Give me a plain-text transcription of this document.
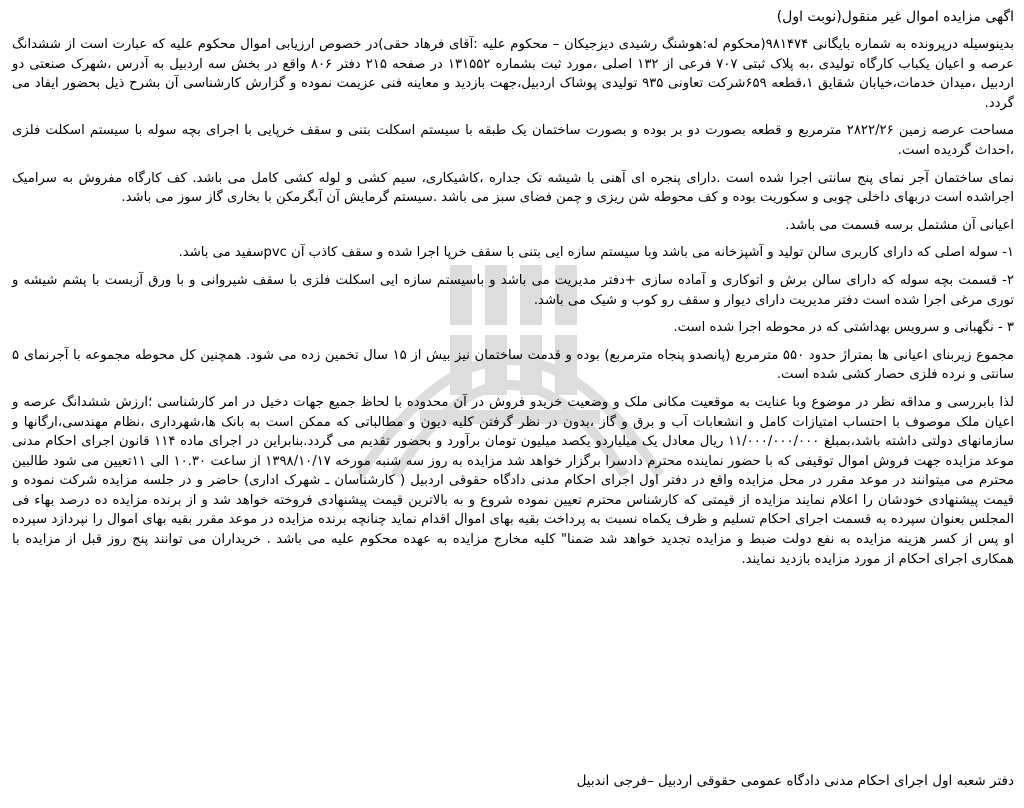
اگهی مزایده اموال غیر منقول(نوبت اول)

بدینوسیله درپرونده به شماره بایگانی ۹۸۱۴۷۴(محکوم له:هوشنگ رشیدی دیزجیکان – محکوم علیه :آقای فرهاد حقی)در خصوص ارزیابی اموال محکوم علیه که عبارت است از ششدانگ عرصه و اعیان یکباب کارگاه تولیدی ،به پلاک ثبتی ۷۰۷ فرعی از ۱۳۲ اصلی ،مورد ثبت بشماره ۱۳۱۵۵۲ در صفحه ۲۱۵ دفتر ۸۰۶ واقع در بخش سه اردبیل به آدرس ،شهرک صنعتی دو اردبیل ،میدان خدمات،خیابان شقایق ۱،قطعه ۶۵۹شرکت تعاونی ۹۳۵ تولیدی پوشاک اردبیل،جهت بازدید و معاینه فنی عزیمت نموده و گزارش کارشناسی آن بشرح ذیل بحضور ایفاد می گردد.

مساحت عرصه زمین ۲۸۲۲/۲۶ مترمربع و قطعه بصورت دو بر بوده و بصورت ساختمان یک طبقه با سیستم اسکلت بتنی و سقف خرپایی با اجرای بچه سوله با سیستم اسکلت فلزی ،احداث گردیده است.

نمای ساختمان آجر نمای پنج سانتی اجرا شده است .دارای پنجره ای آهنی با شیشه تک جداره ،کاشیکاری، سیم کشی و لوله کشی کامل می باشد. کف کارگاه مفروش به سرامیک اجراشده است دربهای داخلی چوبی و سکوریت بوده و کف محوطه شن ریزی و چمن فضای سبز می باشد .سیستم گرمایش آن آبگرمکن با بخاری گاز سوز می باشد.

اعیانی آن مشتمل برسه قسمت می باشد.

۱- سوله اصلی که دارای کاربری سالن تولید و آشپزخانه می باشد وبا سیستم سازه ایی بتنی با سقف خرپا اجرا شده و سقف کاذب آن pvcسفید می باشد.

۲- قسمت بچه سوله که دارای سالن برش و اتوکاری و آماده سازی +دفتر مدیریت می باشد و باسیستم سازه ایی اسکلت فلزی با سقف شیروانی و با ورق آزبست با پشم شیشه و توری مرغی اجرا شده است دفتر مدیریت دارای دیوار و سقف رو کوب و شیک می باشد.

۳ - نگهبانی و سرویس بهداشتی که در محوطه اجرا شده است.

مجموع زیربنای اعیانی ها بمتراژ حدود ۵۵۰ مترمربع (پانصدو پنجاه مترمربع) بوده و قدمت ساختمان نیز بیش از ۱۵ سال تخمین زده می شود. همچنین کل محوطه مجموعه با آجرنمای ۵ سانتی و نرده فلزی حصار کشی شده است.

لذا بابررسی و مداقه نظر در موضوع وبا عنایت به موقعیت مکانی ملک و وضعیت خریدو فروش در آن محدوده با لحاظ جمیع جهات دخیل در امر کارشناسی ؛ارزش ششدانگ عرصه و اعیان ملک موصوف با احتساب امتیازات کامل و انشعابات آب و برق و گاز ،بدون در نظر گرفتن کلیه دیون و مطالباتی که ممکن است به بانک ها،شهرداری ،نظام مهندسی،ارگانها و سازمانهای دولتی داشته باشد،بمبلغ ۱۱/۰۰۰/۰۰۰/۰۰۰ ریال معادل یک میلیاردو یکصد میلیون تومان برآورد و بحضور تقدیم می گردد.بنابراین در اجرای ماده ۱۱۴ قانون اجرای احکام مدنی موعد مزایده جهت فروش اموال توقیفی که با حضور نماینده محترم دادسرا برگزار خواهد شد مزایده به روز سه شنبه مورخه ۱۳۹۸/۱۰/۱۷ از ساعت ۱۰.۳۰ الی ۱۱تعیین می شود طالبین محترم می میتوانند در موعد مقرر در محل مزایده واقع در دفتر اول اجرای احکام مدنی دادگاه حقوقی اردبیل ( کارشناسان ـ شهرک اداری) حاضر و در جلسه مزایده شرکت نموده و قیمت پیشنهادی خودشان را اعلام نمایند مزایده از قیمتی که کارشناس محترم تعیین نموده شروع و به بالاترین قیمت پیشنهادی فروخته خواهد شد و از برنده مزایده ده درصد بهاء فی المجلس بعنوان سپرده به قسمت اجرای احکام تسلیم و ظرف یکماه نسبت به پرداخت بقیه بهای اموال اقدام نماید چنانچه برنده مزایده در موعد مقرر بقیه بهای اموال را نپردازد سپرده او پس از کسر هزینه مزایده به نفع دولت ضبط و مزایده تجدید خواهد شد ضمنا" کلیه مخارج مزایده به عهده محکوم علیه می باشد . خریداران می توانند پنج روز قبل از مزایده با همکاری اجرای احکام از مورد مزایده بازدید نمایند.

دفتر شعبه اول اجرای احکام مدنی دادگاه عمومی حقوقی اردبیل –فرجی اندبیل
